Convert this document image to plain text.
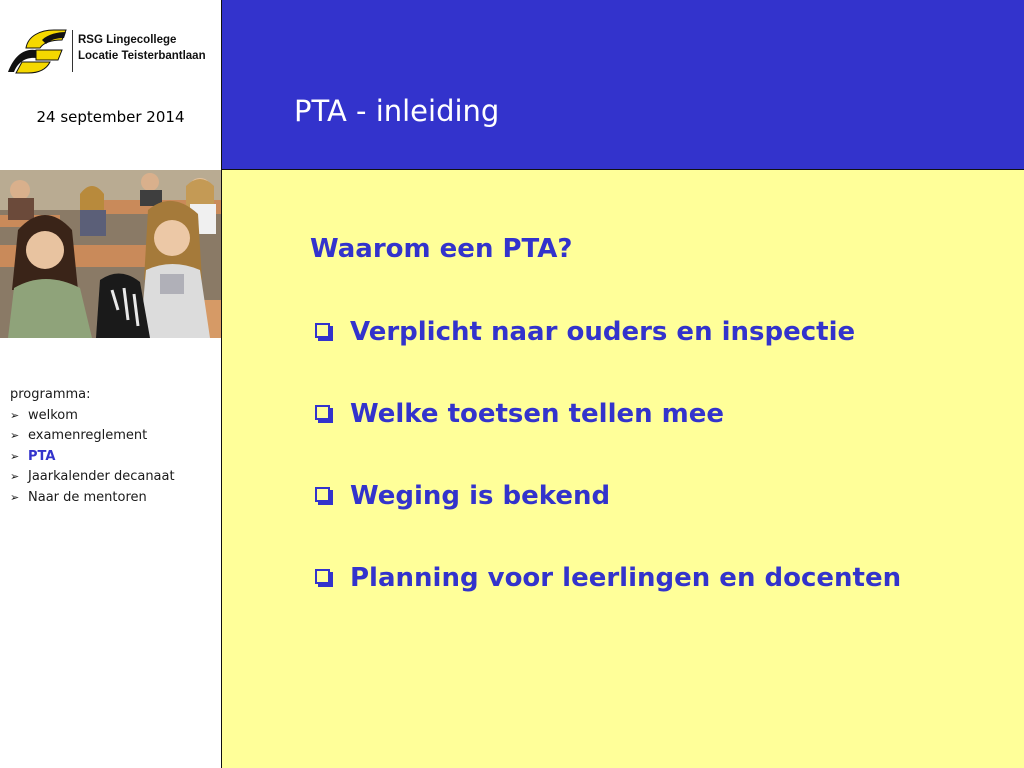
RSG Lingecollege
Locatie Teisterbantlaan
24 september 2014
programma:
➢ welkom
➢ examenreglement
➢ PTA
➢ Jaarkalender decanaat
➢ Naar de mentoren
PTA - inleiding
Waarom een PTA?
Verplicht naar ouders en inspectie
Welke toetsen tellen mee
Weging is bekend
Planning voor leerlingen en docenten
